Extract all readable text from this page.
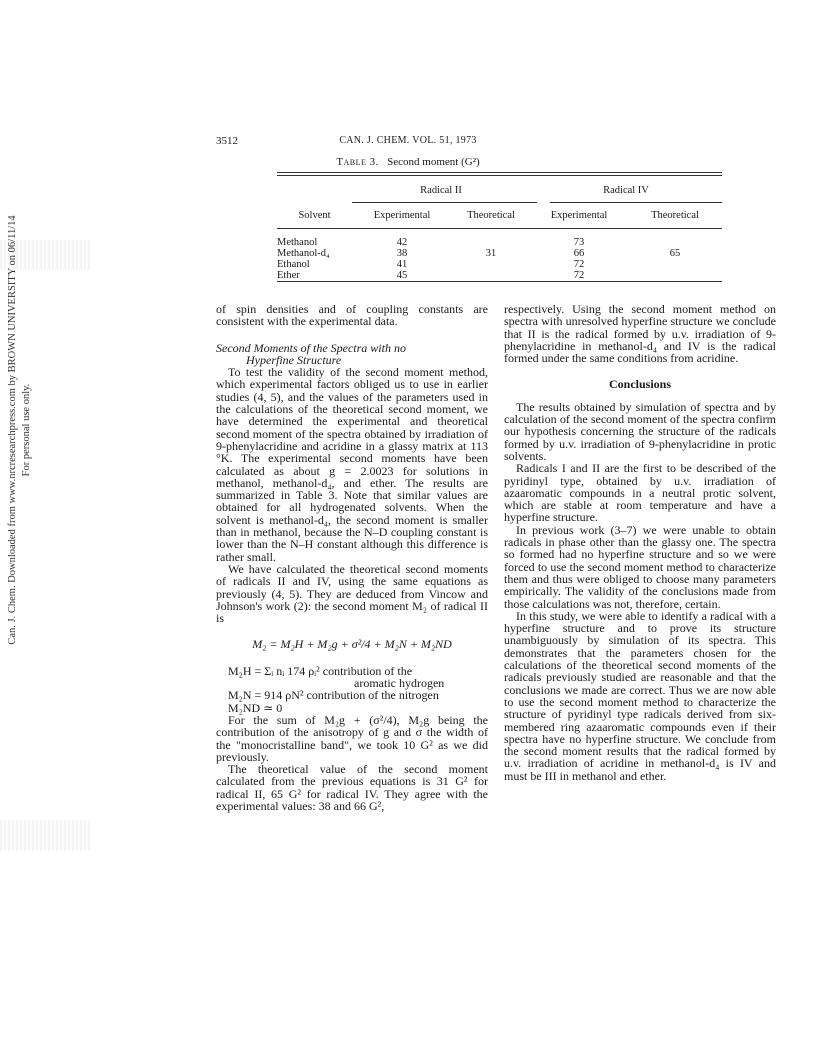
Can. J. Chem. Downloaded from www.nrcresearchpress.com by BROWN UNIVERSITY on 06/11/14 For personal use only.
3512	CAN. J. CHEM. VOL. 51, 1973
Table 3. Second moment (G²)

	Radical II		Radical IV	

Solvent	Experimental	Theoretical	Experimental	Theoretical

Methanol	42		73	
Methanol-d₄	38	31	66	65
Ethanol	41		72	
Ether	45		72	

of spin densities and of coupling constants are consistent with the experimental data.

Second Moments of the Spectra with no

Hyperfine Structure

To test the validity of the second moment method, which experimental factors obliged us to use in earlier studies (4, 5), and the values of the parameters used in the calculations of the theoretical second moment, we have determined the experimental and theoretical second moment of the spectra obtained by irradiation of 9-phenylacridine and acridine in a glassy matrix at 113 °K. The experimental second moments have been calculated as about g = 2.0023 for solutions in methanol, methanol-d₄, and ether. The results are summarized in Table 3. Note that similar values are obtained for all hydrogenated solvents. When the solvent is methanol-d₄, the second moment is smaller than in methanol, because the N–D coupling constant is lower than the N–H constant although this difference is rather small.

We have calculated the theoretical second moments of radicals II and IV, using the same equations as previously (4, 5). They are deduced from Vincow and Johnson's work (2): the second moment M₂ of radical II is

M₂ = M₂H + M₂g + σ²/4 + M₂N + M₂ND

M₂H = Σᵢ nᵢ 174 ρᵢ² contribution of the

aromatic hydrogen

M₂N = 914 ρN² contribution of the nitrogen

M₂ND ≃ 0

For the sum of M₂g + (σ²/4), M₂g being the contribution of the anisotropy of g and σ the width of the "monocristalline band", we took 10 G² as we did previously.

The theoretical value of the second moment calculated from the previous equations is 31 G² for radical II, 65 G² for radical IV. They agree with the experimental values: 38 and 66 G²,

respectively. Using the second moment method on spectra with unresolved hyperfine structure we conclude that II is the radical formed by u.v. irradiation of 9-phenylacridine in methanol-d₄ and IV is the radical formed under the same conditions from acridine.

Conclusions

The results obtained by simulation of spectra and by calculation of the second moment of the spectra confirm our hypothesis concerning the structure of the radicals formed by u.v. irradiation of 9-phenylacridine in protic solvents.

Radicals I and II are the first to be described of the pyridinyl type, obtained by u.v. irradiation of azaaromatic compounds in a neutral protic solvent, which are stable at room temperature and have a hyperfine structure.

In previous work (3–7) we were unable to obtain radicals in phase other than the glassy one. The spectra so formed had no hyperfine structure and so we were forced to use the second moment method to characterize them and thus were obliged to choose many parameters empirically. The validity of the conclusions made from those calculations was not, therefore, certain.

In this study, we were able to identify a radical with a hyperfine structure and to prove its structure unambiguously by simulation of its spectra. This demonstrates that the parameters chosen for the calculations of the theoretical second moments of the radicals previously studied are reasonable and that the conclusions we made are correct. Thus we are now able to use the second moment method to characterize the structure of pyridinyl type radicals derived from six-membered ring azaaromatic compounds even if their spectra have no hyperfine structure. We conclude from the second moment results that the radical formed by u.v. irradiation of acridine in methanol-d₄ is IV and must be III in methanol and ether.
